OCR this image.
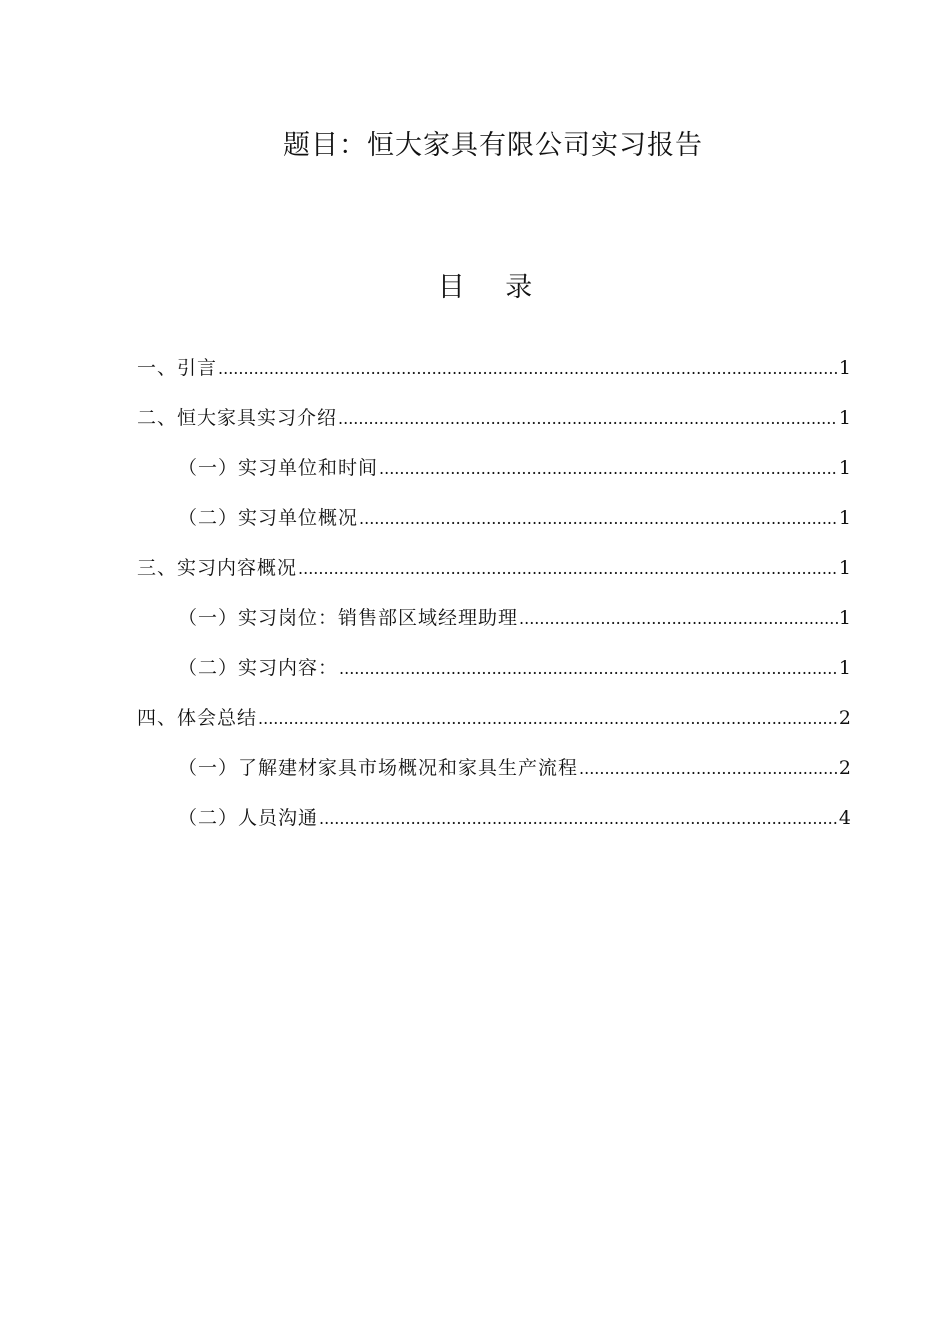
题目：恒大家具有限公司实习报告
目 录
一、引言 .....	1
二、恒大家具实习介绍 .....	1
（一）实习单位和时间 .....	1
（二）实习单位概况 .....	1
三、实习内容概况 .....	1
（一）实习岗位：销售部区域经理助理 .....	1
（二）实习内容： .....	1
四、体会总结 .....	2
（一）了解建材家具市场概况和家具生产流程 .....	2
（二）人员沟通 .....	4
